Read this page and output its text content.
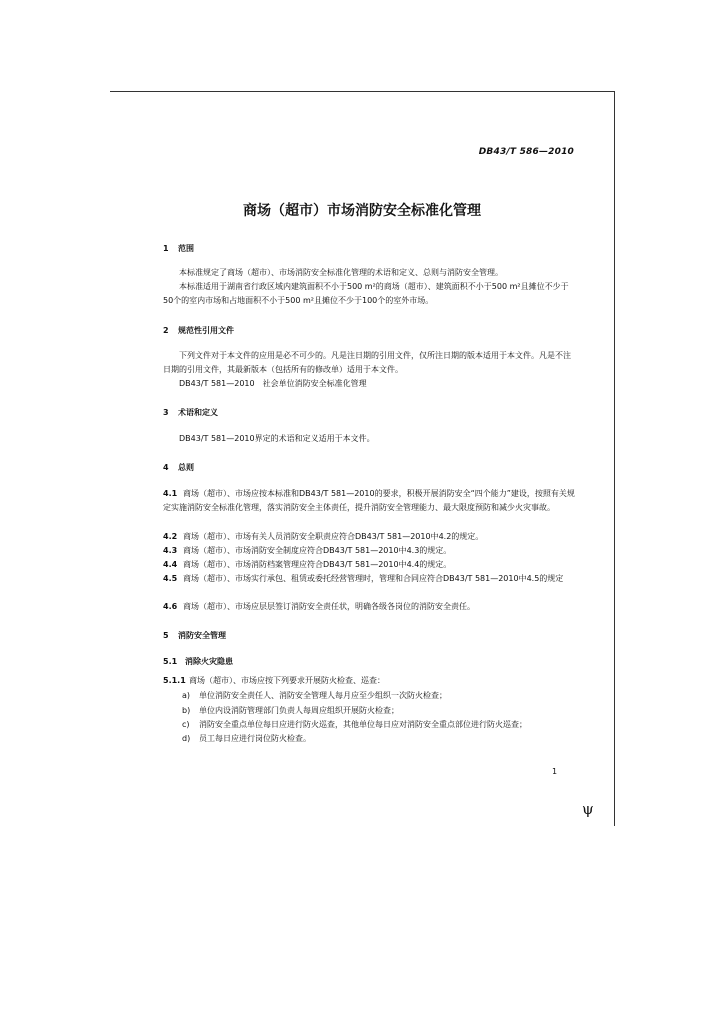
DB43/T 586—2010
商场（超市）市场消防安全标准化管理
1 范围
本标准规定了商场（超市）、市场消防安全标准化管理的术语和定义、总则与消防安全管理。
本标准适用于湖南省行政区域内建筑面积不小于500 m²的商场（超市）、建筑面积不小于500 m²且摊位不少于50个的室内市场和占地面积不小于500 m²且摊位不少于100个的室外市场。
2 规范性引用文件
下列文件对于本文件的应用是必不可少的。凡是注日期的引用文件，仅所注日期的版本适用于本文件。凡是不注日期的引用文件，其最新版本（包括所有的修改单）适用于本文件。
DB43/T 581—2010　社会单位消防安全标准化管理
3 术语和定义
DB43/T 581—2010界定的术语和定义适用于本文件。
4 总则
4.1 商场（超市）、市场应按本标准和DB43/T 581—2010的要求，积极开展消防安全“四个能力”建设，按照有关规定实施消防安全标准化管理，落实消防安全主体责任，提升消防安全管理能力、最大限度预防和减少火灾事故。
4.2 商场（超市）、市场有关人员消防安全职责应符合DB43/T 581—2010中4.2的规定。
4.3 商场（超市）、市场消防安全制度应符合DB43/T 581—2010中4.3的规定。
4.4 商场（超市）、市场消防档案管理应符合DB43/T 581—2010中4.4的规定。
4.5 商场（超市）、市场实行承包、租赁或委托经营管理时，管理和合同应符合DB43/T 581—2010中4.5的规定
4.6 商场（超市）、市场应层层签订消防安全责任状，明确各级各岗位的消防安全责任。
5 消防安全管理
5.1 消除火灾隐患
5.1.1 商场（超市）、市场应按下列要求开展防火检查、巡查：
a) 单位消防安全责任人、消防安全管理人每月应至少组织一次防火检查；
b) 单位内设消防管理部门负责人每周应组织开展防火检查；
c) 消防安全重点单位每日应进行防火巡查，其他单位每日应对消防安全重点部位进行防火巡查；
d) 员工每日应进行岗位防火检查。
1
ψ
